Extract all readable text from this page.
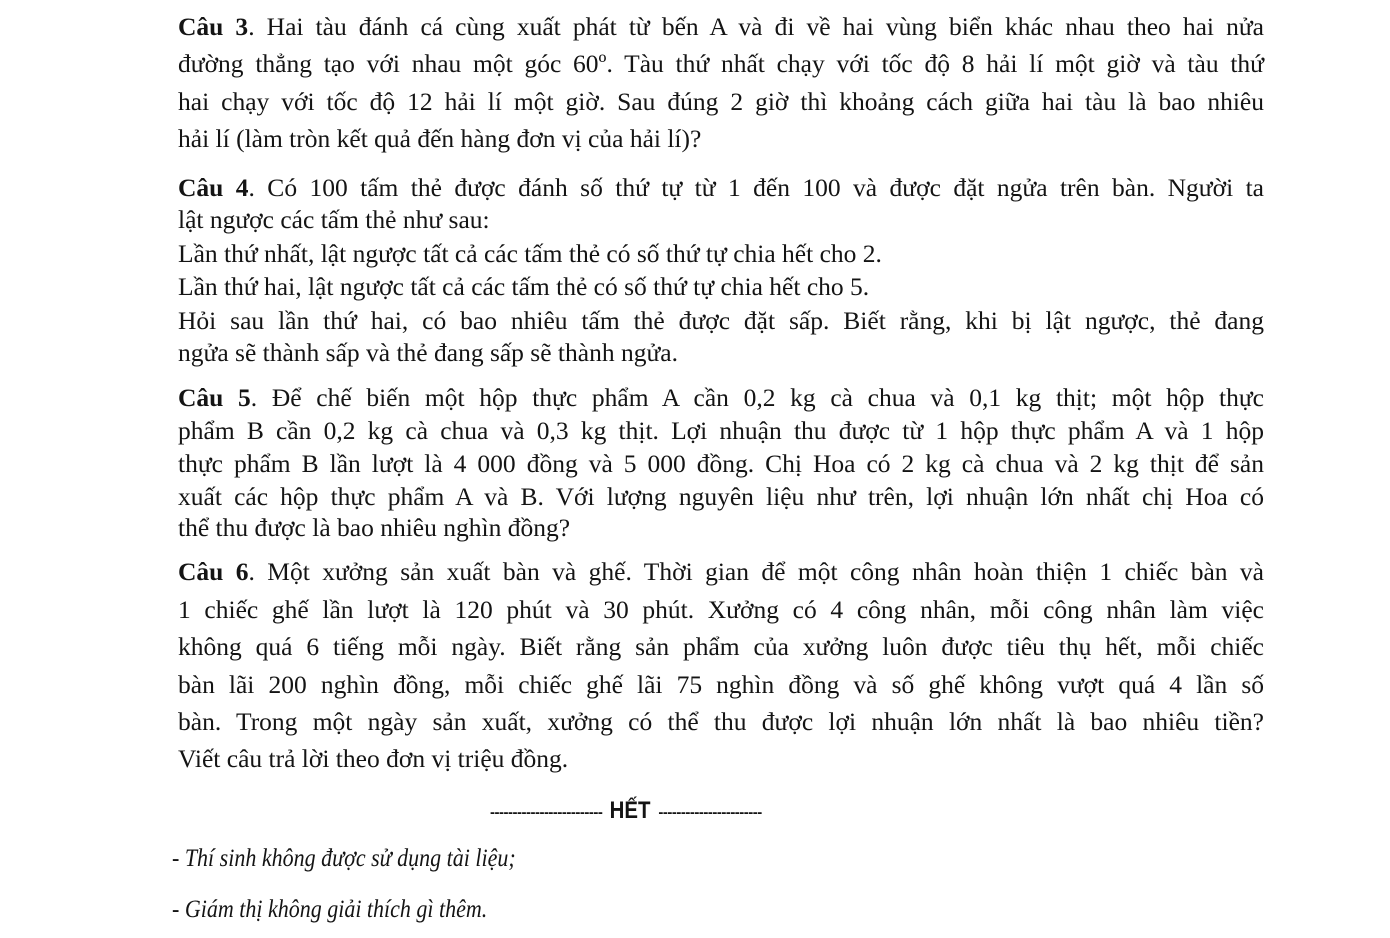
Câu 3. Hai tàu đánh cá cùng xuất phát từ bến A và đi về hai vùng biển khác nhau theo hai nửa
đường thẳng tạo với nhau một góc 60º. Tàu thứ nhất chạy với tốc độ 8 hải lí một giờ và tàu thứ
hai chạy với tốc độ 12 hải lí một giờ. Sau đúng 2 giờ thì khoảng cách giữa hai tàu là bao nhiêu
hải lí (làm tròn kết quả đến hàng đơn vị của hải lí)?
Câu 4. Có 100 tấm thẻ được đánh số thứ tự từ 1 đến 100 và được đặt ngửa trên bàn. Người ta
lật ngược các tấm thẻ như sau:
Lần thứ nhất, lật ngược tất cả các tấm thẻ có số thứ tự chia hết cho 2.
Lần thứ hai, lật ngược tất cả các tấm thẻ có số thứ tự chia hết cho 5.
Hỏi sau lần thứ hai, có bao nhiêu tấm thẻ được đặt sấp. Biết rằng, khi bị lật ngược, thẻ đang
ngửa sẽ thành sấp và thẻ đang sấp sẽ thành ngửa.
Câu 5. Để chế biến một hộp thực phẩm A cần 0,2 kg cà chua và 0,1 kg thịt; một hộp thực
phẩm B cần 0,2 kg cà chua và 0,3 kg thịt. Lợi nhuận thu được từ 1 hộp thực phẩm A và 1 hộp
thực phẩm B lần lượt là 4 000 đồng và 5 000 đồng. Chị Hoa có 2 kg cà chua và 2 kg thịt để sản
xuất các hộp thực phẩm A và B. Với lượng nguyên liệu như trên, lợi nhuận lớn nhất chị Hoa có
thể thu được là bao nhiêu nghìn đồng?
Câu 6. Một xưởng sản xuất bàn và ghế. Thời gian để một công nhân hoàn thiện 1 chiếc bàn và
1 chiếc ghế lần lượt là 120 phút và 30 phút. Xưởng có 4 công nhân, mỗi công nhân làm việc
không quá 6 tiếng mỗi ngày. Biết rằng sản phẩm của xưởng luôn được tiêu thụ hết, mỗi chiếc
bàn lãi 200 nghìn đồng, mỗi chiếc ghế lãi 75 nghìn đồng và số ghế không vượt quá 4 lần số
bàn. Trong một ngày sản xuất, xưởng có thể thu được lợi nhuận lớn nhất là bao nhiêu tiền?
Viết câu trả lời theo đơn vị triệu đồng.
------------------------- HẾT -----------------------
- Thí sinh không được sử dụng tài liệu;
- Giám thị không giải thích gì thêm.
